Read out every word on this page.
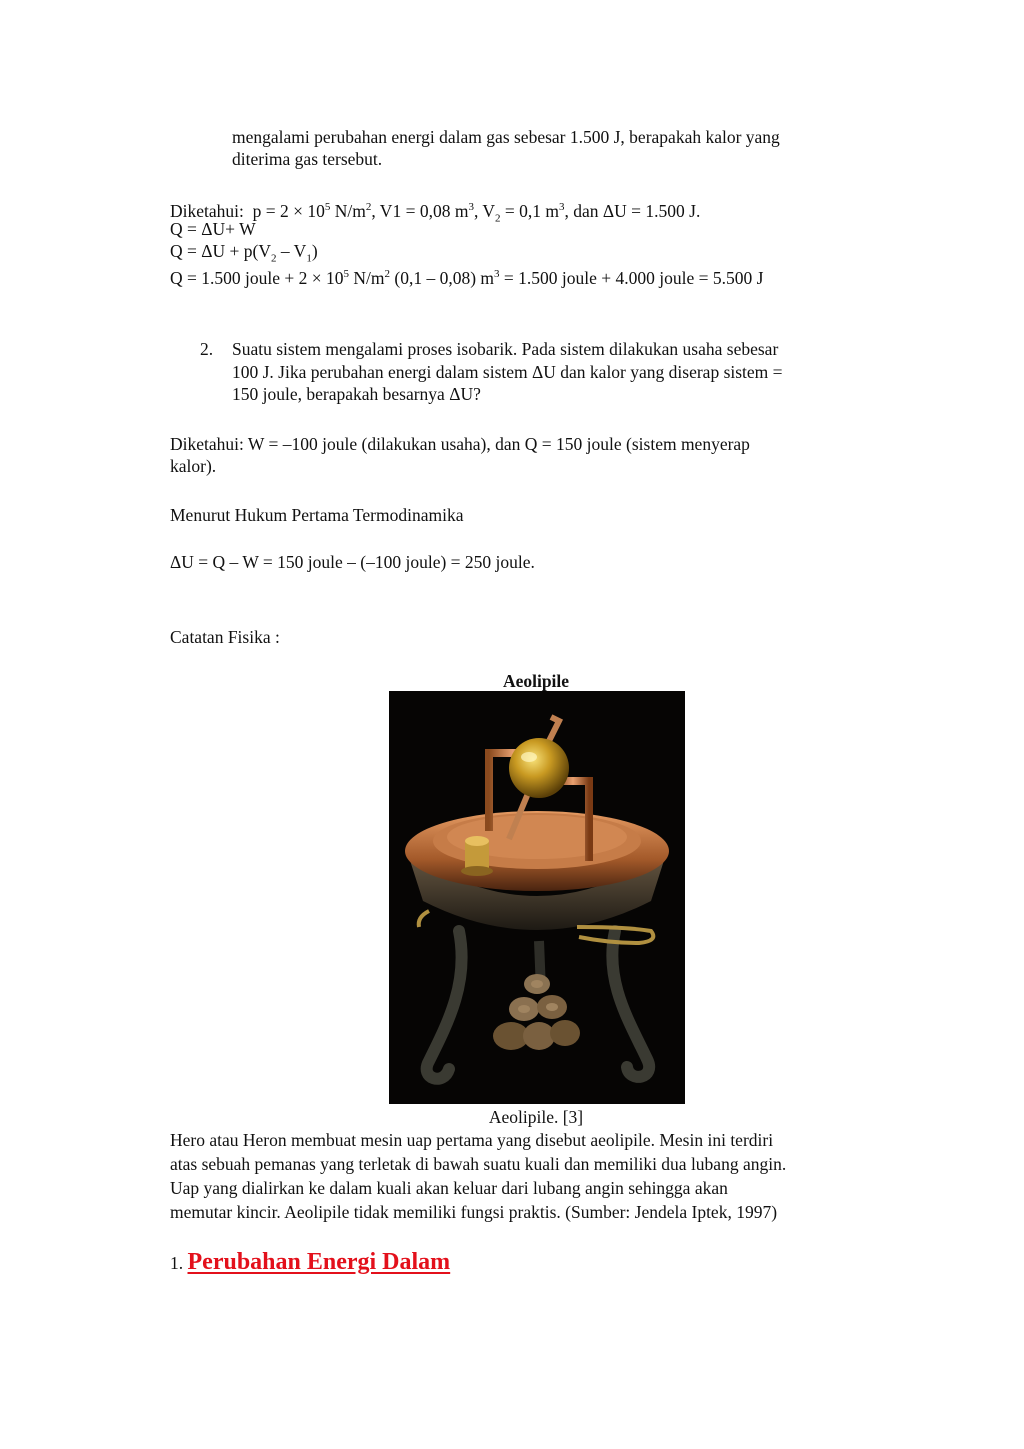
mengalami perubahan energi dalam gas sebesar 1.500 J, berapakah kalor yang

diterima gas tersebut.

Diketahui: $p = 2 \times 10^5$ $N/m^2$, V1 = 0,08 $m^3$, $V_2 = 0,1$ $m^3$, dan ΔU = 1.500 J.

Q = ΔU+ W

$Q = \Delta U + p(V_2 - V_1)$

Q = 1.500 joule + $2 \times 10^5$ $N/m^2$ (0,1 – 0,08) $m^3 = 1.500$ joule + 4.000 joule = 5.500 J

2. Suatu sistem mengalami proses isobarik. Pada sistem dilakukan usaha sebesar

100 J. Jika perubahan energi dalam sistem ΔU dan kalor yang diserap sistem =

150 joule, berapakah besarnya ΔU?

Diketahui: W = –100 joule (dilakukan usaha), dan Q = 150 joule (sistem menyerap

kalor).

Menurut Hukum Pertama Termodinamika

ΔU = Q – W = 150 joule – (–100 joule) = 250 joule.

Catatan Fisika :

Aeolipile

Aeolipile. [3]

Hero atau Heron membuat mesin uap pertama yang disebut aeolipile. Mesin ini terdiri

atas sebuah pemanas yang terletak di bawah suatu kuali dan memiliki dua lubang angin.

Uap yang dialirkan ke dalam kuali akan keluar dari lubang angin sehingga akan

memutar kincir. Aeolipile tidak memiliki fungsi praktis. (Sumber: Jendela Iptek, 1997)

1. Perubahan Energi Dalam
